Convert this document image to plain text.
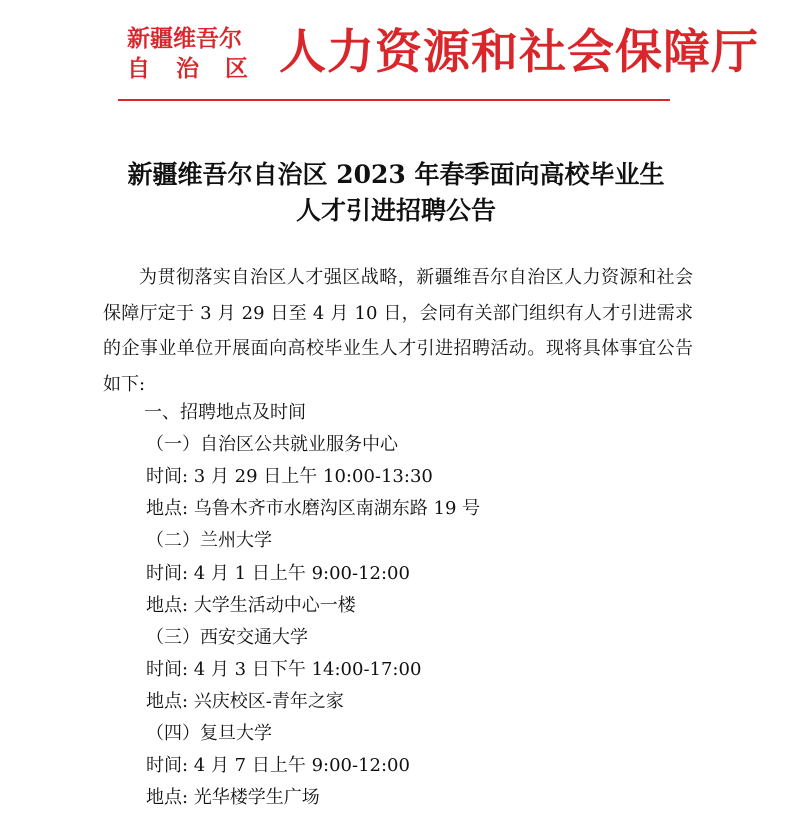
新疆维吾尔
自治区 人力资源和社会保障厅
新疆维吾尔自治区 2023 年春季面向高校毕业生
人才引进招聘公告
为贯彻落实自治区人才强区战略，新疆维吾尔自治区人力资源和社会保障厅定于 3 月 29 日至 4 月 10 日，会同有关部门组织有人才引进需求的企事业单位开展面向高校毕业生人才引进招聘活动。现将具体事宜公告如下:
一、招聘地点及时间
（一）自治区公共就业服务中心
时间: 3 月 29 日上午 10:00-13:30
地点: 乌鲁木齐市水磨沟区南湖东路 19 号
（二）兰州大学
时间: 4 月 1 日上午 9:00-12:00
地点: 大学生活动中心一楼
（三）西安交通大学
时间: 4 月 3 日下午 14:00-17:00
地点: 兴庆校区-青年之家
（四）复旦大学
时间: 4 月 7 日上午 9:00-12:00
地点: 光华楼学生广场
